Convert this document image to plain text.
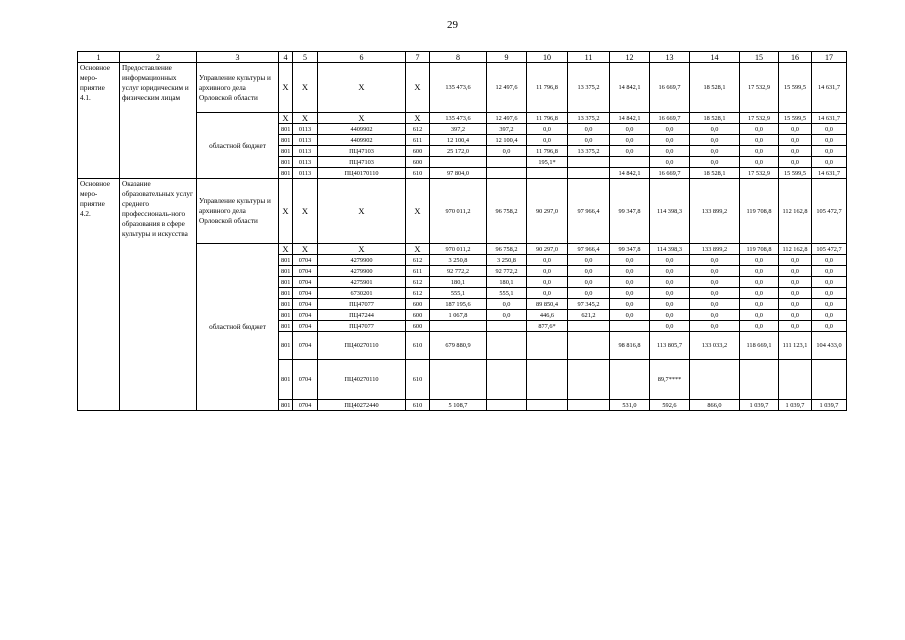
29
1	2	3	4	5	6	7	8	9	10	11	12	13	14	15	16	17
Основное меро-приятие 4.1.	Предоставление информационных услуг юридическим и физическим лицам	Управление культуры и архивного дела Орловской области	X	X	X	X	135 473,6	12 497,6	11 796,8	13 375,2	14 842,1	16 669,7	18 528,1	17 532,9	15 599,5	14 631,7
		областной бюджет	X	X	X	X	135 473,6	12 497,6	11 796,8	13 375,2	14 842,1	16 669,7	18 528,1	17 532,9	15 599,5	14 631,7
			801	0113	4409902	612	397,2	397,2	0,0	0,0	0,0	0,0	0,0	0,0	0,0	0,0
			801	0113	4409902	611	12 100,4	12 100,4	0,0	0,0	0,0	0,0	0,0	0,0	0,0	0,0
			801	0113	ПЦ47103	600	25 172,0	0,0	11 796,8	13 375,2	0,0	0,0	0,0	0,0	0,0	0,0
			801	0113	ПЦ47103	600			195,1*			0,0	0,0	0,0	0,0	0,0
			801	0113	ПЦ40170110	610	97 804,0				14 842,1	16 669,7	18 528,1	17 532,9	15 599,5	14 631,7
Основное меро-приятие 4.2.	Оказание образовательных услуг среднего профессиональ-ного образования в сфере культуры и искусства	Управление культуры и архивного дела Орловской области	X	X	X	X	970 011,2	96 758,2	90 297,0	97 966,4	99 347,8	114 398,3	133 899,2	119 708,8	112 162,8	105 472,7
		областной бюджет	X	X	X	X	970 011,2	96 758,2	90 297,0	97 966,4	99 347,8	114 398,3	133 899,2	119 708,8	112 162,8	105 472,7
			801	0704	4279900	612	3 250,8	3 250,8	0,0	0,0	0,0	0,0	0,0	0,0	0,0	0,0
			801	0704	4279900	611	92 772,2	92 772,2	0,0	0,0	0,0	0,0	0,0	0,0	0,0	0,0
			801	0704	4275901	612	180,1	180,1	0,0	0,0	0,0	0,0	0,0	0,0	0,0	0,0
			801	0704	6730201	612	555,1	555,1	0,0	0,0	0,0	0,0	0,0	0,0	0,0	0,0
			801	0704	ПЦ47077	600	187 195,6	0,0	89 850,4	97 345,2	0,0	0,0	0,0	0,0	0,0	0,0
			801	0704	ПЦ47244	600	1 067,8	0,0	446,6	621,2	0,0	0,0	0,0	0,0	0,0	0,0
			801	0704	ПЦ47077	600			877,6*			0,0	0,0	0,0	0,0	0,0
			801	0704	ПЦ40270110	610	679 880,9				98 816,8	113 805,7	133 033,2	118 669,1	111 123,1	104 433,0
			801	0704	ПЦ40270110	610						89,7****				
			801	0704	ПЦ40272440	610	5 108,7				531,0	592,6	866,0	1 039,7	1 039,7	1 039,7
